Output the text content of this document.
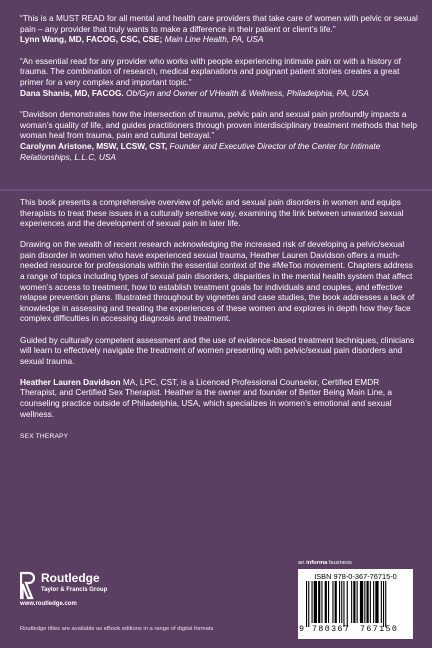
“This is a MUST READ for all mental and health care providers that take care of women with pelvic or sexual pain – any provider that truly wants to make a difference in their patient or client’s life.”

Lynn Wang, MD, FACOG, CSC, CSE; Main Line Health, PA, USA

“An essential read for any provider who works with people experiencing intimate pain or with a history of trauma. The combination of research, medical explanations and poignant patient stories creates a great primer for a very complex and important topic.”

Dana Shanis, MD, FACOG. Ob/Gyn and Owner of VHealth & Wellness, Philadelphia, PA, USA

“Davidson demonstrates how the intersection of trauma, pelvic pain and sexual pain profoundly impacts a woman’s quality of life, and guides practitioners through proven interdisciplinary treatment methods that help woman heal from trauma, pain and cultural betrayal.”

Carolynn Aristone, MSW, LCSW, CST, Founder and Executive Director of the Center for Intimate Relationships, L.L.C, USA

This book presents a comprehensive overview of pelvic and sexual pain disorders in women and equips therapists to treat these issues in a culturally sensitive way, examining the link between unwanted sexual experiences and the development of sexual pain in later life.

Drawing on the wealth of recent research acknowledging the increased risk of developing a pelvic/sexual pain disorder in women who have experienced sexual trauma, Heather Lauren Davidson offers a much-needed resource for professionals within the essential context of the #MeToo movement. Chapters address a range of topics including types of sexual pain disorders, disparities in the mental health system that affect women’s access to treatment, how to establish treatment goals for individuals and couples, and effective relapse prevention plans. Illustrated throughout by vignettes and case studies, the book addresses a lack of knowledge in assessing and treating the experiences of these women and explores in depth how they face complex difficulties in accessing diagnosis and treatment.

Guided by culturally competent assessment and the use of evidence-based treatment techniques, clinicians will learn to effectively navigate the treatment of women presenting with pelvic/sexual pain disorders and sexual trauma.

Heather Lauren Davidson MA, LPC, CST, is a Licenced Professional Counselor, Certified EMDR Therapist, and Certified Sex Therapist. Heather is the owner and founder of Better Being Main Line, a counseling practice outside of Philadelphia, USA, which specializes in women’s emotional and sexual wellness.

SEX THERAPY
Routledge
Taylor & Francis Group
www.routledge.com
Routledge titles are available as eBook editions in a range of digital formats
an informa business
ISBN 978-0-367-76715-0
9 780367 767150
